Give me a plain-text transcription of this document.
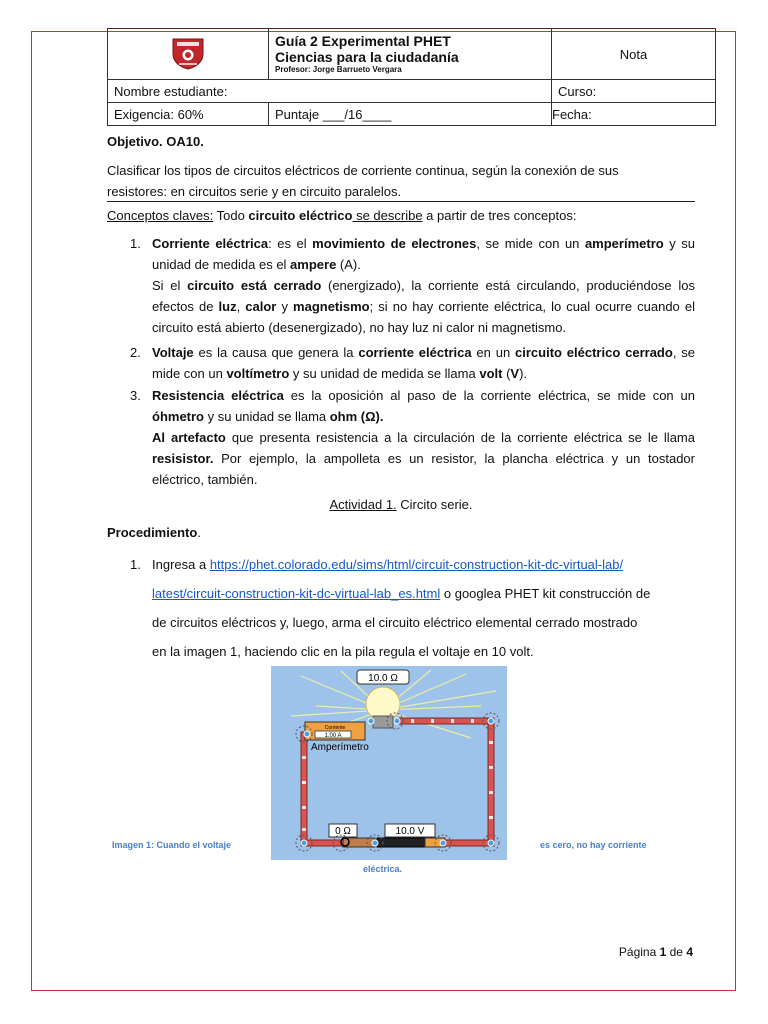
Guía 2 Experimental PHET
Ciencias para la ciudadanía
Profesor: Jorge Barrueto Vergara	Nota
Nombre estudiante:		Curso:
Exigencia: 60%	Puntaje ___/16____	Fecha:
Objetivo. OA10.
Clasificar los tipos de circuitos eléctricos de corriente continua, según la conexión de sus
resistores: en circuitos serie y en circuito paralelos.
Conceptos claves: Todo circuito eléctrico se describe a partir de tres conceptos:
1. Corriente eléctrica: es el movimiento de electrones, se mide con un amperímetro y su unidad de medida es el ampere (A).
Si el circuito está cerrado (energizado), la corriente está circulando, produciéndose los efectos de luz, calor y magnetismo; si no hay corriente eléctrica, lo cual ocurre cuando el circuito está abierto (desenergizado), no hay luz ni calor ni magnetismo.
2. Voltaje es la causa que genera la corriente eléctrica en un circuito eléctrico cerrado, se mide con un voltímetro y su unidad de medida se llama volt (V).
3. Resistencia eléctrica es la oposición al paso de la corriente eléctrica, se mide con un óhmetro y su unidad se llama ohm (Ω).
Al artefacto que presenta resistencia a la circulación de la corriente eléctrica se le llama resisistor. Por ejemplo, la ampolleta es un resistor, la plancha eléctrica y un tostador eléctrico, también.
Actividad 1. Circito serie.
Procedimiento.
1. Ingresa a https://phet.colorado.edu/sims/html/circuit-construction-kit-dc-virtual-lab/
latest/circuit-construction-kit-dc-virtual-lab_es.html o googlea PHET kit construcción de
de circuitos eléctricos y, luego, arma el circuito eléctrico elemental cerrado mostrado
en la imagen 1, haciendo clic en la pila regula el voltaje en 10 volt.
10.0 Ω
Corriente
1.00 A
Amperímetro
0 Ω	10.0 V
Imagen 1: Cuando el voltaje	es cero, no hay corriente
eléctrica.
Página 1 de 4
